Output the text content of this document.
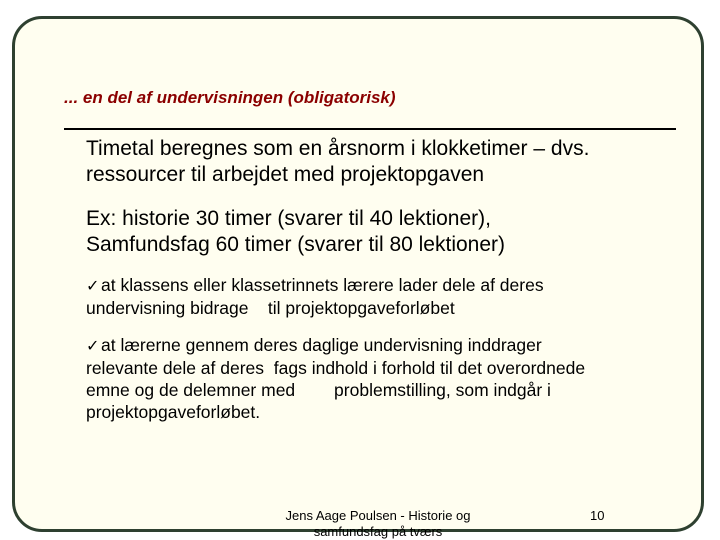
... en del af undervisningen (obligatorisk)
Timetal beregnes som en årsnorm i klokketimer – dvs.
ressourcer til arbejdet med projektopgaven
Ex: historie 30 timer (svarer til 40 lektioner),
Samfundsfag 60 timer (svarer til 80 lektioner)
✓at klassens eller klassetrinnets lærere lader dele af deres
undervisning bidrage    til projektopgaveforløbet
✓at lærerne gennem deres daglige undervisning inddrager
relevante dele af deres  fags indhold i forhold til det overordnede
emne og de delemner med        problemstilling, som indgår i
projektopgaveforløbet.
Jens Aage Poulsen - Historie og
samfundsfag på tværs
10
